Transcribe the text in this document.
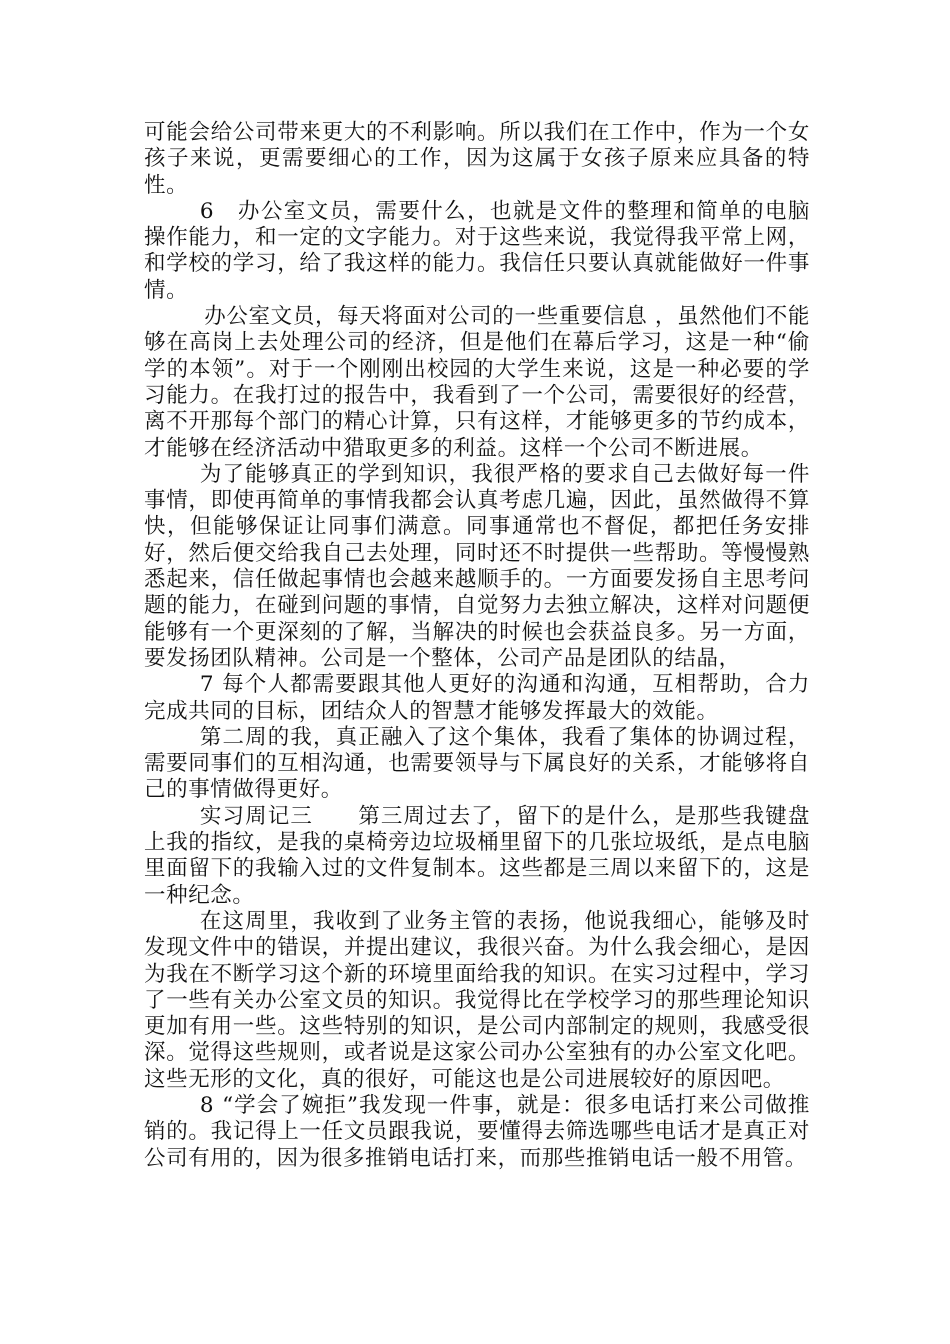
可能会给公司带来更大的不利影响。所以我们在工作中，作为一个女孩子来说，更需要细心的工作，因为这属于女孩子原来应具备的特性。

6　办公室文员，需要什么，也就是文件的整理和简单的电脑操作能力，和一定的文字能力。对于这些来说，我觉得我平常上网，和学校的学习，给了我这样的能力。我信任只要认真就能做好一件事情。

办公室文员，每天将面对公司的一些重要信息 ，虽然他们不能够在高岗上去处理公司的经济，但是他们在幕后学习，这是一种“偷学的本领”。对于一个刚刚出校园的大学生来说，这是一种必要的学习能力。在我打过的报告中，我看到了一个公司，需要很好的经营，离不开那每个部门的精心计算，只有这样，才能够更多的节约成本，才能够在经济活动中猎取更多的利益。这样一个公司不断进展。

为了能够真正的学到知识，我很严格的要求自己去做好每一件事情，即使再简单的事情我都会认真考虑几遍，因此，虽然做得不算快，但能够保证让同事们满意。同事通常也不督促，都把任务安排好，然后便交给我自己去处理，同时还不时提供一些帮助。等慢慢熟悉起来，信任做起事情也会越来越顺手的。一方面要发扬自主思考问题的能力，在碰到问题的事情，自觉努力去独立解决，这样对问题便能够有一个更深刻的了解，当解决的时候也会获益良多。另一方面，要发扬团队精神。公司是一个整体，公司产品是团队的结晶，

7 每个人都需要跟其他人更好的沟通和沟通，互相帮助，合力完成共同的目标，团结众人的智慧才能够发挥最大的效能。

第二周的我，真正融入了这个集体，我看了集体的协调过程，需要同事们的互相沟通，也需要领导与下属良好的关系，才能够将自己的事情做得更好。

实习周记三　　第三周过去了，留下的是什么，是那些我键盘上我的指纹，是我的桌椅旁边垃圾桶里留下的几张垃圾纸，是点电脑里面留下的我输入过的文件复制本。这些都是三周以来留下的，这是一种纪念。

在这周里，我收到了业务主管的表扬，他说我细心，能够及时发现文件中的错误，并提出建议，我很兴奋。为什么我会细心，是因为我在不断学习这个新的环境里面给我的知识。在实习过程中，学习了一些有关办公室文员的知识。我觉得比在学校学习的那些理论知识更加有用一些。这些特别的知识，是公司内部制定的规则，我感受很深。觉得这些规则，或者说是这家公司办公室独有的办公室文化吧。这些无形的文化，真的很好，可能这也是公司进展较好的原因吧。

8 “学会了婉拒”我发现一件事，就是：很多电话打来公司做推销的。我记得上一任文员跟我说，要懂得去筛选哪些电话才是真正对公司有用的，因为很多推销电话打来，而那些推销电话一般不用管。
